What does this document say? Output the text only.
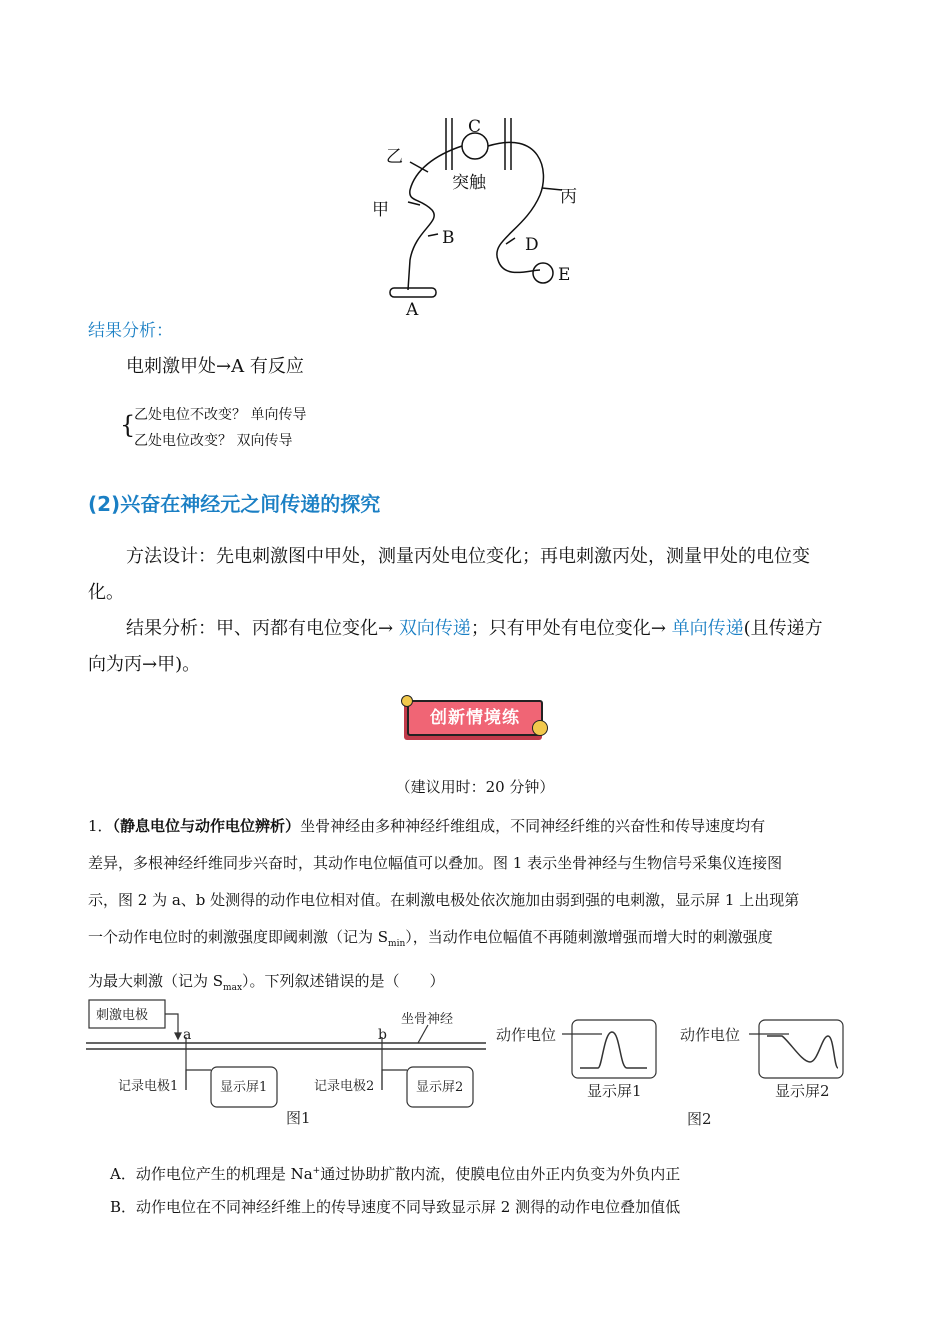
C
突触
乙
甲
丙
B	D
E
A
结果分析：
电刺激甲处→A 有反应
{
乙处电位不改变？ 单向传导
乙处电位改变？ 双向传导
(2)兴奋在神经元之间传递的探究
方法设计：先电刺激图中甲处，测量丙处电位变化；再电刺激丙处，测量甲处的电位变
化。
结果分析：甲、丙都有电位变化→ 双向传递；只有甲处有电位变化→ 单向传递(且传递方
向为丙→甲)。
创新情境练
（建议用时：20 分钟）
1．（静息电位与动作电位辨析）坐骨神经由多种神经纤维组成，不同神经纤维的兴奋性和传导速度均有
差异，多根神经纤维同步兴奋时，其动作电位幅值可以叠加。图 1 表示坐骨神经与生物信号采集仪连接图
示，图 2 为 a、b 处测得的动作电位相对值。在刺激电极处依次施加由弱到强的电刺激，显示屏 1 上出现第
一个动作电位时的刺激强度即阈刺激（记为 $S_{min}$），当动作电位幅值不再随刺激增强而增大时的刺激强度
为最大刺激（记为 $S_{max}$）。下列叙述错误的是（　　）
刺激电极
a	b
坐骨神经
记录电极1	记录电极2
显示屏1	显示屏2
图1
动作电位	动作电位
显示屏1	显示屏2
图2
A．动作电位产生的机理是 Na+通过协助扩散内流，使膜电位由外正内负变为外负内正
B．动作电位在不同神经纤维上的传导速度不同导致显示屏 2 测得的动作电位叠加值低
